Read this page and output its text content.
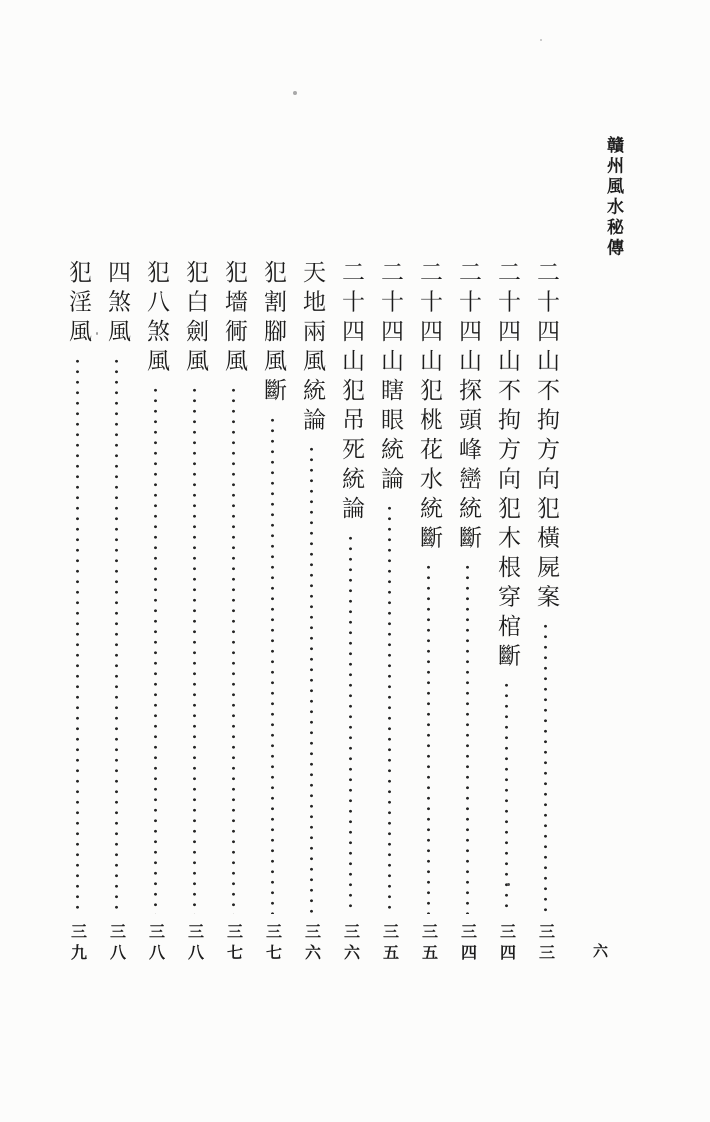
贛州風水秘傳
二十四山不拘方向犯橫屍案
三三
二十四山不拘方向犯木根穿棺斷
三四
二十四山探頭峰巒統斷
三四
二十四山犯桃花水統斷
三五
二十四山瞎眼統論
三五
二十四山犯吊死統論
三六
天地兩風統論
三六
犯割腳風斷
三七
犯墻衕風
三七
犯白劍風
三八
犯八煞風
三八
四煞風
三八
犯淫風
三九	六
